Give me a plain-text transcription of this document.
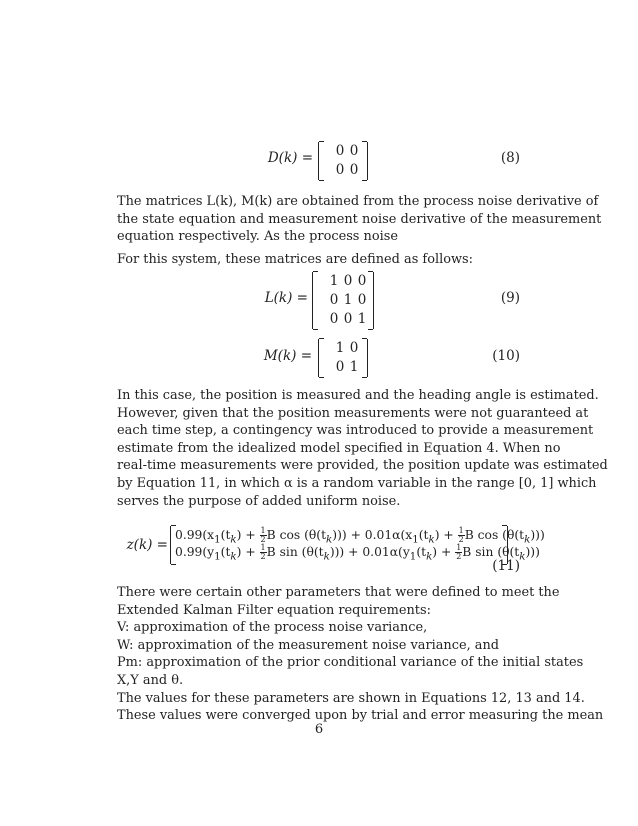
D(k) = 0 0
0 0
(8)

The matrices L(k), M(k) are obtained from the process noise derivative of

the state equation and measurement noise derivative of the measurement

equation respectively. As the process noise

For this system, these matrices are defined as follows:

L(k) =
1 0 0
0 1 0
0 0 1
(9)
M(k) = 1 0
0 1
(10)

In this case, the position is measured and the heading angle is estimated.

However, given that the position measurements were not guaranteed at

each time step, a contingency was introduced to provide a measurement

estimate from the idealized model specified in Equation 4. When no

real-time measurements were provided, the position update was estimated

by Equation 11, in which α is a random variable in the range [0, 1] which

serves the purpose of added uniform noise.

z(k) =
$0.99(x_1(t_k) + \frac{1}{2}$ B $\cos (\theta(t_k))) + 0.01\alpha(x_1(t_k) + \frac{1}{2}$ B $\cos (\theta(t_k))$)
$0.99(y_1(t_k) + \frac{1}{2}$ B $\sin (\theta(t_k))) + 0.01\alpha(y_1(t_k) + \frac{1}{2}$ B $\sin (\theta(t_k))$)
(11)

There were certain other parameters that were defined to meet the

Extended Kalman Filter equation requirements:

V: approximation of the process noise variance,

W: approximation of the measurement noise variance, and

Pm: approximation of the prior conditional variance of the initial states

X,Y and θ.

The values for these parameters are shown in Equations 12, 13 and 14.

These values were converged upon by trial and error measuring the mean

6
